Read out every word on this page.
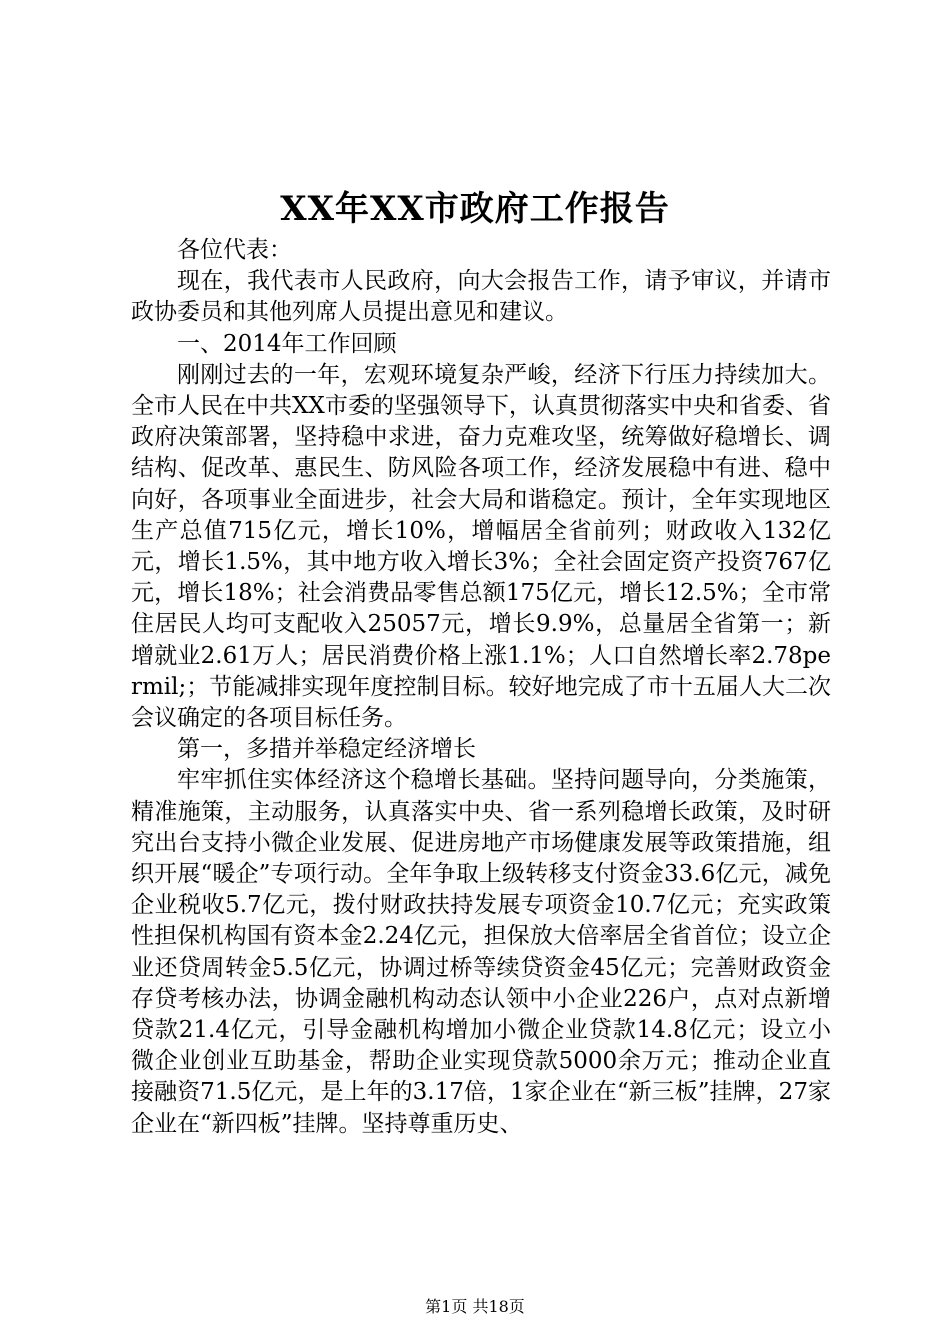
XX年XX市政府工作报告

各位代表：

现在，我代表市人民政府，向大会报告工作，请予审议，并请市政协委员和其他列席人员提出意见和建议。

一、2014年工作回顾

刚刚过去的一年，宏观环境复杂严峻，经济下行压力持续加大。全市人民在中共XX市委的坚强领导下，认真贯彻落实中央和省委、省政府决策部署，坚持稳中求进，奋力克难攻坚，统筹做好稳增长、调结构、促改革、惠民生、防风险各项工作，经济发展稳中有进、稳中向好，各项事业全面进步，社会大局和谐稳定。预计，全年实现地区生产总值715亿元，增长10%，增幅居全省前列；财政收入132亿元，增长1.5%，其中地方收入增长3%；全社会固定资产投资767亿元，增长18%；社会消费品零售总额175亿元，增长12.5%；全市常住居民人均可支配收入25057元，增长9.9%，总量居全省第一；新增就业2.61万人；居民消费价格上涨1.1%；人口自然增长率2.78permil;；节能减排实现年度控制目标。较好地完成了市十五届人大二次会议确定的各项目标任务。

第一，多措并举稳定经济增长

牢牢抓住实体经济这个稳增长基础。坚持问题导向，分类施策，精准施策，主动服务，认真落实中央、省一系列稳增长政策，及时研究出台支持小微企业发展、促进房地产市场健康发展等政策措施，组织开展“暖企”专项行动。全年争取上级转移支付资金33.6亿元，减免企业税收5.7亿元，拨付财政扶持发展专项资金10.7亿元；充实政策性担保机构国有资本金2.24亿元，担保放大倍率居全省首位；设立企业还贷周转金5.5亿元，协调过桥等续贷资金45亿元；完善财政资金存贷考核办法，协调金融机构动态认领中小企业226户，点对点新增贷款21.4亿元，引导金融机构增加小微企业贷款14.8亿元；设立小微企业创业互助基金，帮助企业实现贷款5000余万元；推动企业直接融资71.5亿元，是上年的3.17倍，1家企业在“新三板”挂牌，27家企业在“新四板”挂牌。坚持尊重历史、

第1页 共18页
